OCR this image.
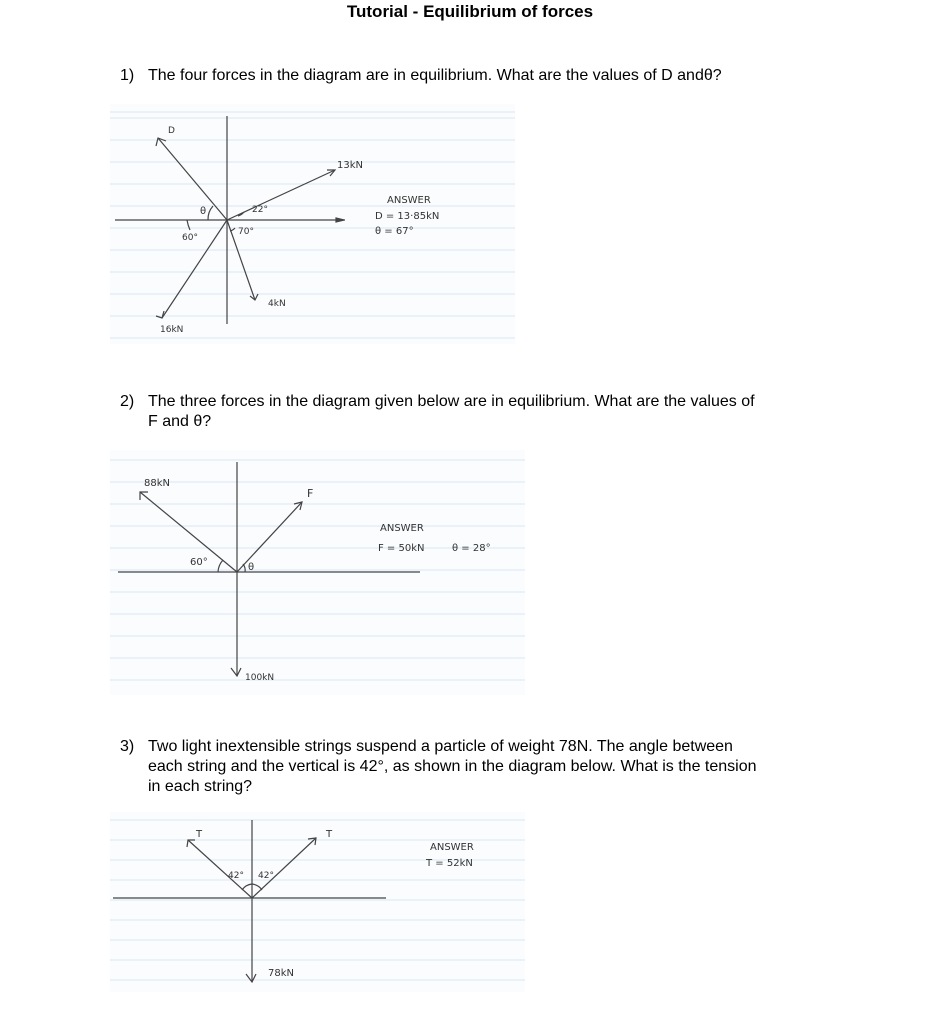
Tutorial - Equilibrium of forces
1) The four forces in the diagram are in equilibrium. What are the values of D andθ?
D
13kN
θ	22°
60°
70°
4kN
16kN
ANSWER
D = 13·85kN
θ = 67°
2) The three forces in the diagram given below are in equilibrium. What are the values of
F and θ?
88kN
F
60°	θ
100kN
ANSWER
F = 50kN	θ = 28°
3) Two light inextensible strings suspend a particle of weight 78N. The angle between
each string and the vertical is 42°, as shown in the diagram below. What is the tension
in each string?
T	T
42° 42°
78kN
ANSWER
T = 52kN
